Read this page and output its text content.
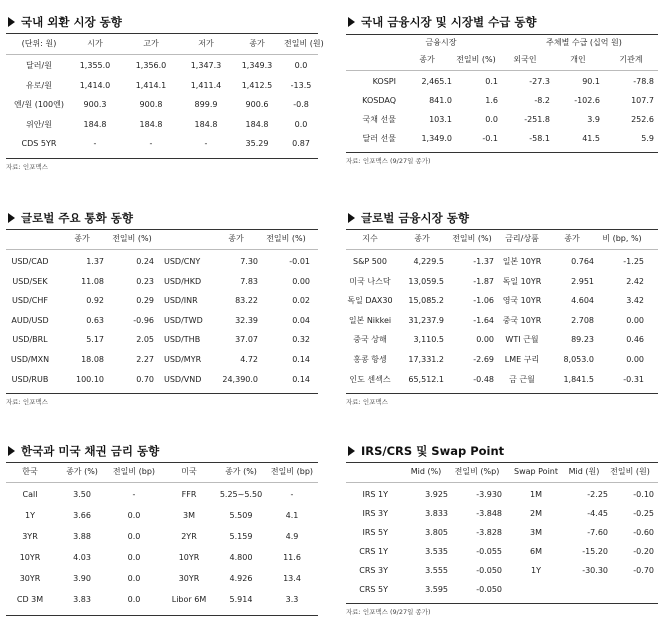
국내 외환 시장 동향
(단위: 원)	시가	고가	저가	종가	전일비 (원)
달러/원	1,355.0	1,356.0	1,347.3	1,349.3	0.0
유로/원	1,414.0	1,414.1	1,411.4	1,412.5	-13.5
엔/원 (100엔)	900.3	900.8	899.9	900.6	-0.8
위안/원	184.8	184.8	184.8	184.8	0.0
CDS 5YR	-	-	-	35.29	0.87
자료: 인포맥스
국내 금융시장 및 시장별 수급 동향
금융시장	주체별 수급 (십억 원)
종가	전일비 (%)	외국인	개인	기관계
KOSPI	2,465.1	0.1	-27.3	90.1	-78.8
KOSDAQ	841.0	1.6	-8.2	-102.6	107.7
국채 선물	103.1	0.0	-251.8	3.9	252.6
달러 선물	1,349.0	-0.1	-58.1	41.5	5.9
자료: 인포맥스 (9/27일 종가)
글로벌 주요 통화 동향
종가	전일비 (%)	종가	전일비 (%)
USD/CAD	1.37	0.24 USD/CNY	7.30	-0.01
USD/SEK	11.08	0.23 USD/HKD	7.83	0.00
USD/CHF	0.92	0.29 USD/INR	83.22	0.02
AUD/USD	0.63	-0.96 USD/TWD	32.39	0.04
USD/BRL	5.17	2.05 USD/THB	37.07	0.32
USD/MXN	18.08	2.27 USD/MYR	4.72	0.14
USD/RUB	100.10	0.70 USD/VND	24,390.0	0.14
자료: 인포맥스
글로벌 금융시장 동향
지수	종가	전일비 (%)	금리/상품	종가	비 (bp, %)
S&P 500	4,229.5	-1.37	일본 10YR	0.764	-1.25
미국 나스닥	13,059.5	-1.87	독일 10YR	2.951	2.42
독일 DAX30	15,085.2	-1.06	영국 10YR	4.604	3.42
일본 Nikkei	31,237.9	-1.64	중국 10YR	2.708	0.00
중국 상해	3,110.5	0.00	WTI 근월	89.23	0.46
홍콩 항셍	17,331.2	-2.69	LME 구리	8,053.0	0.00
인도 센섹스	65,512.1	-0.48	금 근월	1,841.5	-0.31
자료: 인포맥스
한국과 미국 채권 금리 동향
한국	종가 (%)	전일비 (bp)	미국	종가 (%)	전일비 (bp)
Call	3.50	-	FFR	5.25~5.50	-
1Y	3.66	0.0	3M	5.509	4.1
3YR	3.88	0.0	2YR	5.159	4.9
10YR	4.03	0.0	10YR	4.800	11.6
30YR	3.90	0.0	30YR	4.926	13.4
CD 3M	3.83	0.0	Libor 6M	5.914	3.3
IRS/CRS 및 Swap Point
Mid (%)	전일비 (%p)	Swap Point	Mid (원)	전일비 (원)
IRS 1Y	3.925	-3.930	1M	-2.25	-0.10
IRS 3Y	3.833	-3.848	2M	-4.45	-0.25
IRS 5Y	3.805	-3.828	3M	-7.60	-0.60
CRS 1Y	3.535	-0.055	6M	-15.20	-0.20
CRS 3Y	3.555	-0.050	1Y	-30.30	-0.70
CRS 5Y	3.595	-0.050
자료: 인포맥스 (9/27일 종가)
